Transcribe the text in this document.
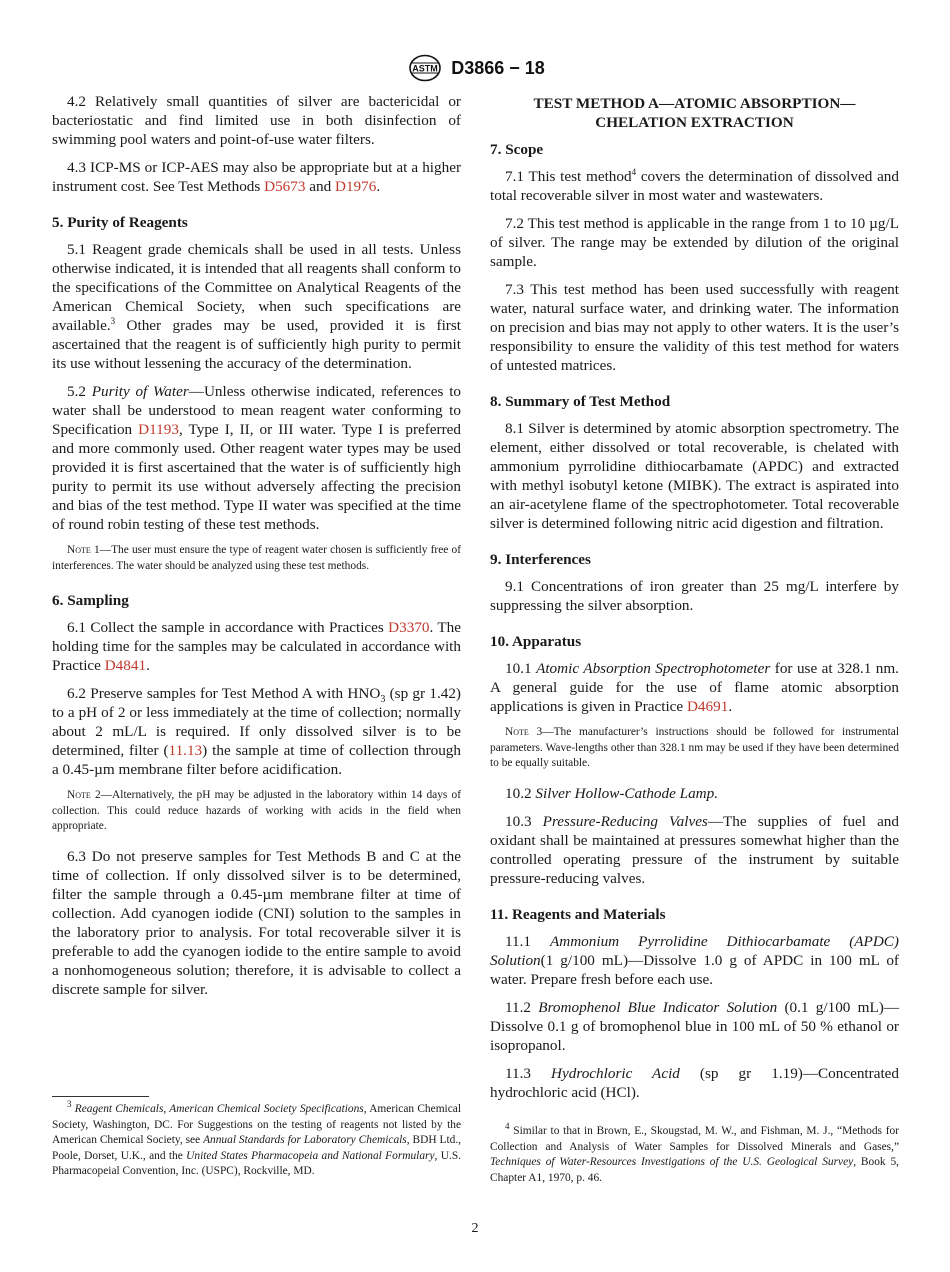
ASTM D3866 − 18

4.2 Relatively small quantities of silver are bactericidal or bacteriostatic and find limited use in both disinfection of swimming pool waters and point-of-use water filters.

4.3 ICP-MS or ICP-AES may also be appropriate but at a higher instrument cost. See Test Methods D5673 and D1976.

5. Purity of Reagents

5.1 Reagent grade chemicals shall be used in all tests. Unless otherwise indicated, it is intended that all reagents shall conform to the specifications of the Committee on Analytical Reagents of the American Chemical Society, when such specifications are available.$^3$ Other grades may be used, provided it is first ascertained that the reagent is of sufficiently high purity to permit its use without lessening the accuracy of the determination.

5.2 Purity of Water—Unless otherwise indicated, references to water shall be understood to mean reagent water conforming to Specification D1193, Type I, II, or III water. Type I is preferred and more commonly used. Other reagent water types may be used provided it is first ascertained that the water is of sufficiently high purity to permit its use without adversely affecting the precision and bias of the test method. Type II water was specified at the time of round robin testing of these test methods.

Note 1—The user must ensure the type of reagent water chosen is sufficiently free of interferences. The water should be analyzed using these test methods.
6. Sampling

6.1 Collect the sample in accordance with Practices D3370. The holding time for the samples may be calculated in accordance with Practice D4841.

6.2 Preserve samples for Test Method A with $HNO_3$ (sp gr 1.42) to a pH of 2 or less immediately at the time of collection; normally about 2 mL/L is required. If only dissolved silver is to be determined, filter (11.13) the sample at time of collection through a 0.45-µm membrane filter before acidification.

Note 2—Alternatively, the pH may be adjusted in the laboratory within 14 days of collection. This could reduce hazards of working with acids in the field when appropriate.

6.3 Do not preserve samples for Test Methods B and C at the time of collection. If only dissolved silver is to be determined, filter the sample through a 0.45-µm membrane filter at time of collection. Add cyanogen iodide (CNI) solution to the samples in the laboratory prior to analysis. For total recoverable silver it is preferable to add the cyanogen iodide to the entire sample to avoid a nonhomogeneous solution; therefore, it is advisable to collect a discrete sample for silver.

TEST METHOD A—ATOMIC ABSORPTION—
CHELATION EXTRACTION
7. Scope

7.1 This test method$^4$ covers the determination of dissolved and total recoverable silver in most water and wastewaters.

7.2 This test method is applicable in the range from 1 to 10 µg/L of silver. The range may be extended by dilution of the original sample.

7.3 This test method has been used successfully with reagent water, natural surface water, and drinking water. The information on precision and bias may not apply to other waters. It is the user’s responsibility to ensure the validity of this test method for waters of untested matrices.

8. Summary of Test Method

8.1 Silver is determined by atomic absorption spectrometry. The element, either dissolved or total recoverable, is chelated with ammonium pyrrolidine dithiocarbamate (APDC) and extracted with methyl isobutyl ketone (MIBK). The extract is aspirated into an air-acetylene flame of the spectrophotometer. Total recoverable silver is determined following nitric acid digestion and filtration.

9. Interferences

9.1 Concentrations of iron greater than 25 mg/L interfere by suppressing the silver absorption.

10. Apparatus

10.1 Atomic Absorption Spectrophotometer for use at 328.1 nm. A general guide for the use of flame atomic absorption applications is given in Practice D4691.

Note 3—The manufacturer’s instructions should be followed for instrumental parameters. Wave-lengths other than 328.1 nm may be used if they have been determined to be equally suitable.

10.2 Silver Hollow-Cathode Lamp.

10.3 Pressure-Reducing Valves—The supplies of fuel and oxidant shall be maintained at pressures somewhat higher than the controlled operating pressure of the instrument by suitable pressure-reducing valves.

11. Reagents and Materials

11.1 Ammonium Pyrrolidine Dithiocarbamate (APDC) Solution(1 g/100 mL)—Dissolve 1.0 g of APDC in 100 mL of water. Prepare fresh before each use.

11.2 Bromophenol Blue Indicator Solution (0.1 g/100 mL)—Dissolve 0.1 g of bromophenol blue in 100 mL of 50 % ethanol or isopropanol.

11.3 Hydrochloric Acid (sp gr 1.19)—Concentrated hydrochloric acid (HCl).

$^3$ Reagent Chemicals, American Chemical Society Specifications, American Chemical Society, Washington, DC. For Suggestions on the testing of reagents not listed by the American Chemical Society, see Annual Standards for Laboratory Chemicals, BDH Ltd., Poole, Dorset, U.K., and the United States Pharmacopeia and National Formulary, U.S. Pharmacopeial Convention, Inc. (USPC), Rockville, MD.

$^4$ Similar to that in Brown, E., Skougstad, M. W., and Fishman, M. J., “Methods for Collection and Analysis of Water Samples for Dissolved Minerals and Gases,” Techniques of Water-Resources Investigations of the U.S. Geological Survey, Book 5, Chapter A1, 1970, p. 46.

2
